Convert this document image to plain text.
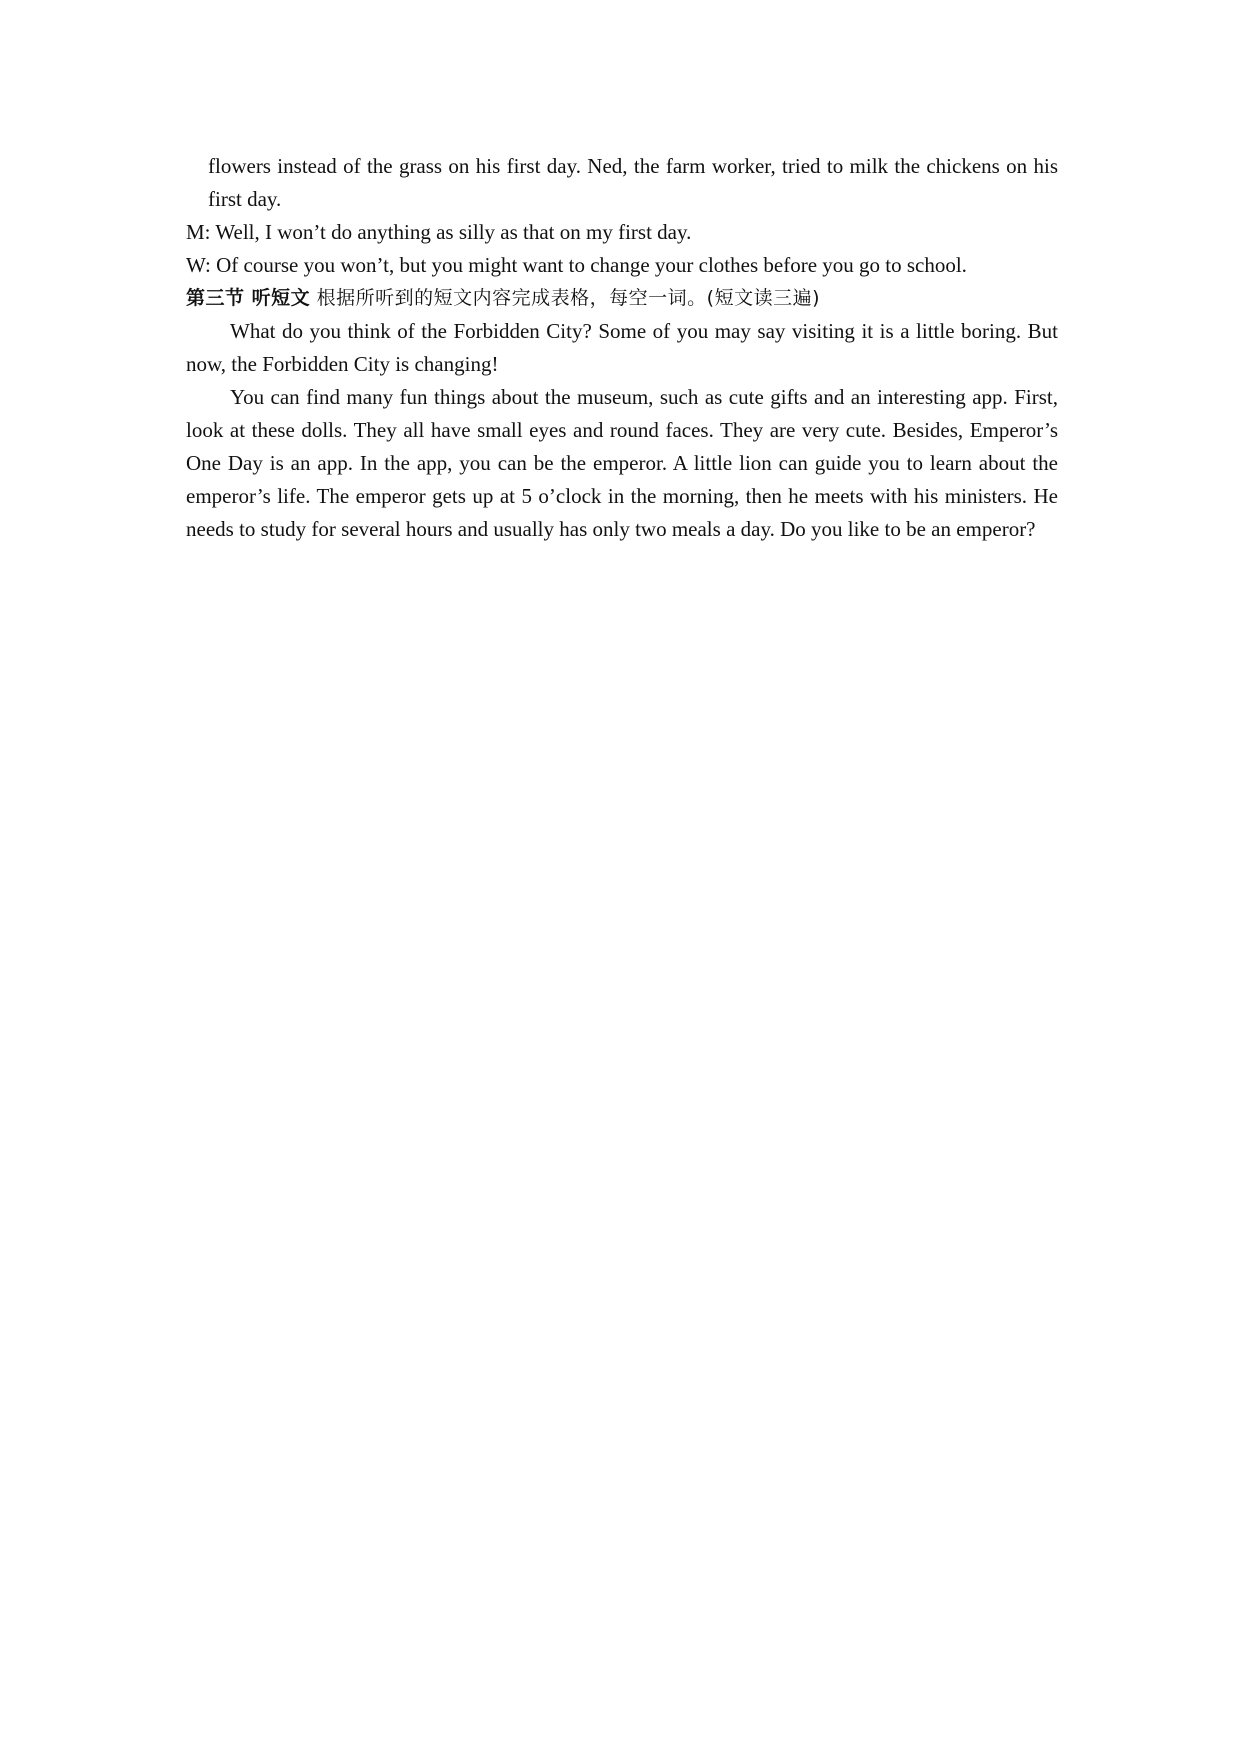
flowers instead of the grass on his first day. Ned, the farm worker, tried to milk the chickens on his first day.
M: Well, I won’t do anything as silly as that on my first day.
W: Of course you won’t, but you might want to change your clothes before you go to school.
第三节 听短文 根据所听到的短文内容完成表格，每空一词。(短文读三遍)
What do you think of the Forbidden City? Some of you may say visiting it is a little boring. But now, the Forbidden City is changing!
You can find many fun things about the museum, such as cute gifts and an interesting app. First, look at these dolls. They all have small eyes and round faces. They are very cute. Besides, Emperor’s One Day is an app. In the app, you can be the emperor. A little lion can guide you to learn about the emperor’s life. The emperor gets up at 5 o’clock in the morning, then he meets with his ministers. He needs to study for several hours and usually has only two meals a day. Do you like to be an emperor?
